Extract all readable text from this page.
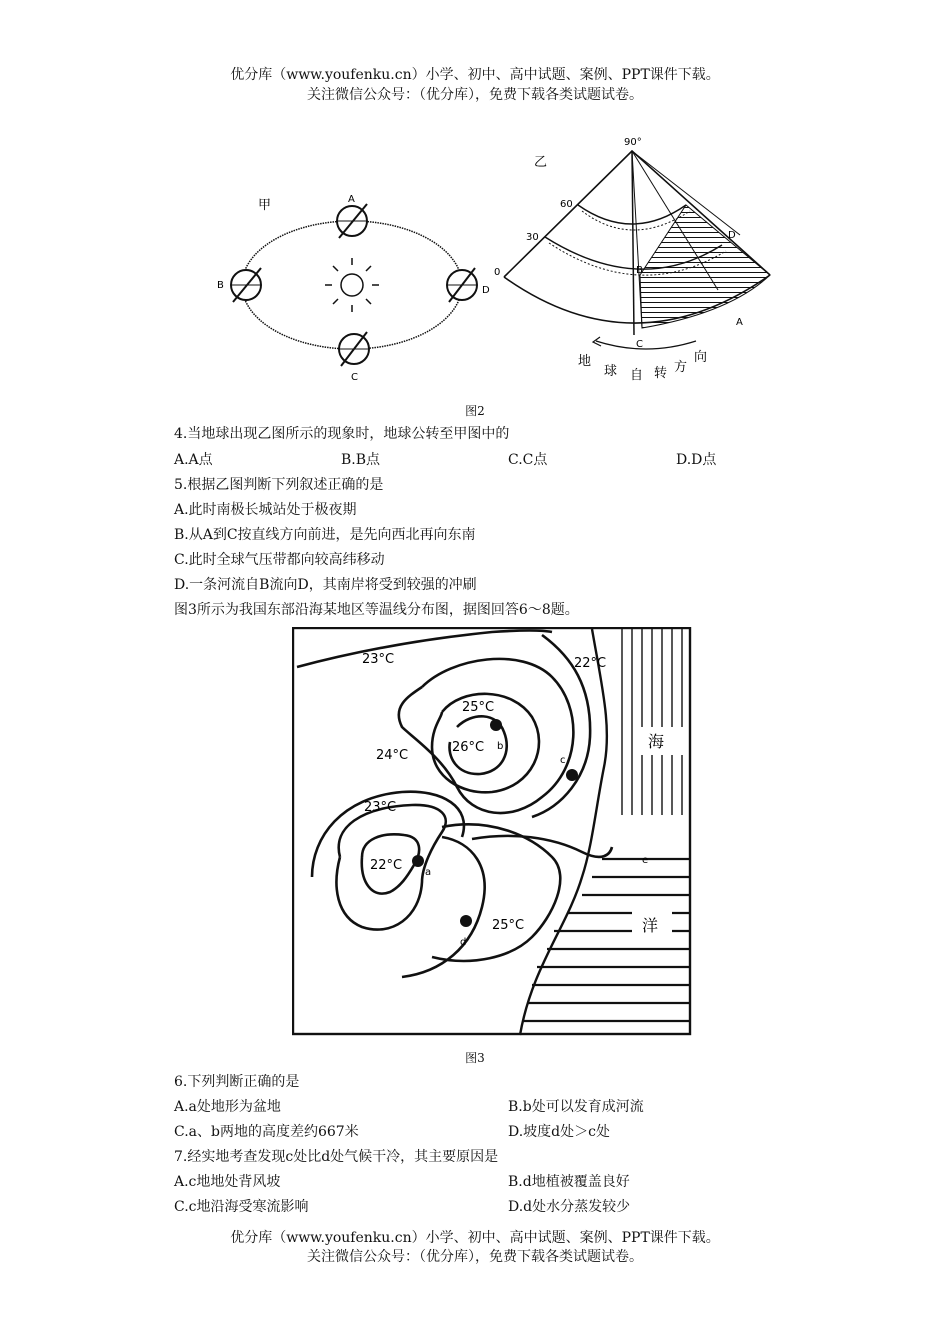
优分库（www.youfenku.cn）小学、初中、高中试题、案例、PPT课件下载。
关注微信公众号：（优分库），免费下载各类试题试卷。
甲	A
B
C
D
乙
90°
60
30
0	B
D
A
C
地
球 自 转 方
向
图2
4.当地球出现乙图所示的现象时，地球公转至甲图中的
A.A点	B.B点	C.C点	D.D点
5.根据乙图判断下列叙述正确的是
A.此时南极长城站处于极夜期
B.从A到C按直线方向前进，是先向西北再向东南
C.此时全球气压带都向较高纬移动
D.一条河流自B流向D，其南岸将受到较强的冲刷
图3所示为我国东部沿海某地区等温线分布图，据图回答6～8题。
a
b
c
d
e
23°C	22°C
25°C
26°C
24°C
23°C
22°C
25°C
海
洋
图3
6.下列判断正确的是
A.a处地形为盆地	B.b处可以发育成河流
C.a、b两地的高度差约667米	D.坡度d处＞c处
7.经实地考查发现c处比d处气候干冷，其主要原因是
A.c地地处背风坡	B.d地植被覆盖良好
C.c地沿海受寒流影响	D.d处水分蒸发较少
优分库（www.youfenku.cn）小学、初中、高中试题、案例、PPT课件下载。
关注微信公众号：（优分库），免费下载各类试题试卷。
